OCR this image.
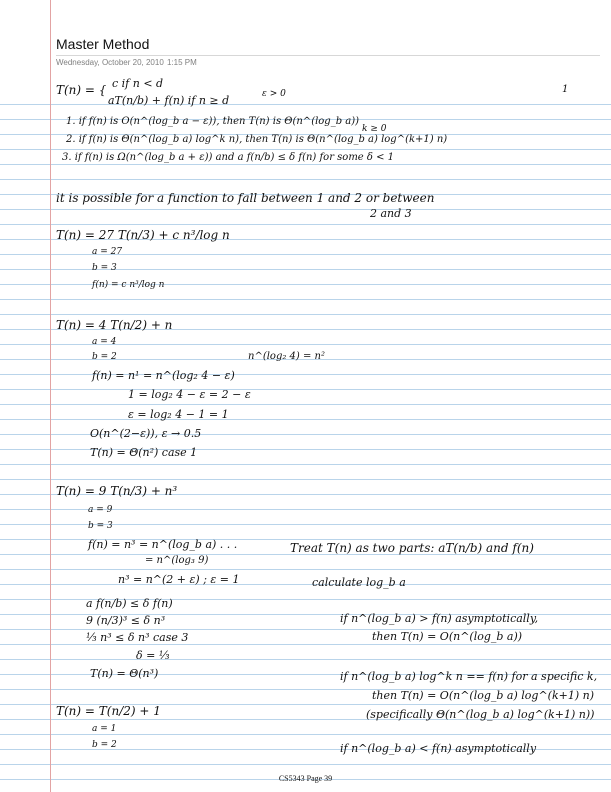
Master Method
Wednesday, October 20, 2010 1:15 PM
T(n) = { c if n < d
aT(n/b) + f(n) if n ≥ d	ε > 0	1
1. if f(n) is O(n^(log_b a − ε)), then T(n) is Θ(n^(log_b a))
2. if f(n) is Θ(n^(log_b a) log^k n), then T(n) is Θ(n^(log_b a) log^(k+1) n)
k ≥ 0
3. if f(n) is Ω(n^(log_b a + ε)) and a f(n/b) ≤ δ f(n) for some δ < 1
it is possible for a function to fall between 1 and 2 or between
2 and 3
T(n) = 27 T(n/3) + c n³/log n
a = 27
b = 3
f(n) = c n³/log n
T(n) = 4 T(n/2) + n
a = 4
b = 2
f(n) = n¹ = n^(log₂ 4 − ε)
n^(log₂ 4) = n²
1 = log₂ 4 − ε = 2 − ε
ε = log₂ 4 − 1 = 1
O(n^(2−ε)), ε → 0.5
T(n) = Θ(n²) case 1
T(n) = 9 T(n/3) + n³
a = 9
b = 3
f(n) = n³ = n^(log_b a) . . .
= n^(log₃ 9)
n³ = n^(2 + ε) ; ε = 1
a f(n/b) ≤ δ f(n)
9 (n/3)³ ≤ δ n³
⅓ n³ ≤ δ n³ case 3
δ = ⅓
T(n) = Θ(n³)
T(n) = T(n/2) + 1
a = 1
b = 2
Treat T(n) as two parts: aT(n/b) and f(n)
calculate log_b a
if n^(log_b a) > f(n) asymptotically,
then T(n) = O(n^(log_b a))
if n^(log_b a) log^k n == f(n) for a specific k,
then T(n) = O(n^(log_b a) log^(k+1) n)
(specifically Θ(n^(log_b a) log^(k+1) n))
if n^(log_b a) < f(n) asymptotically
CS5343 Page 39
